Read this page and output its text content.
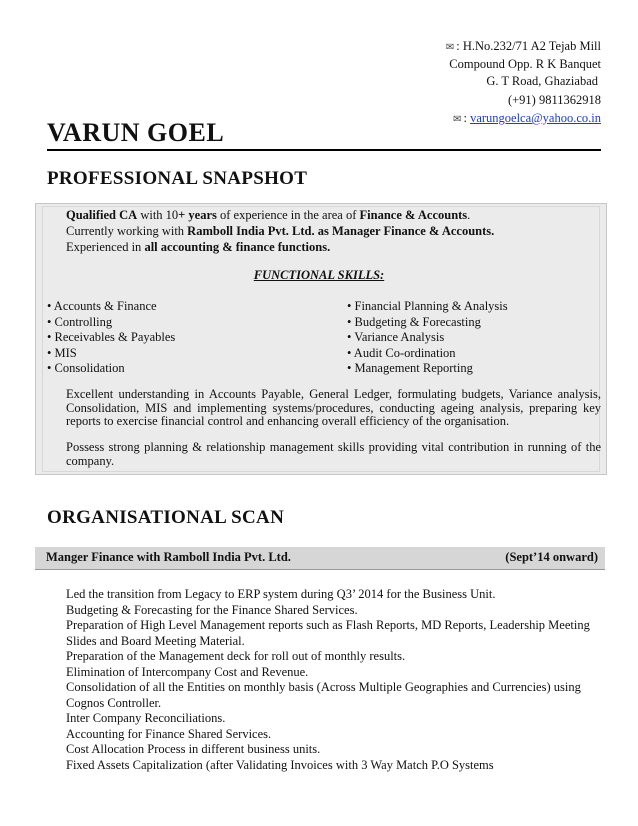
✉ : H.No.232/71 A2 Tejab Mill
Compound Opp. R K Banquet
G. T Road, Ghaziabad
(+91) 9811362918
✉ : varungoelca@yahoo.co.in
VARUN GOEL
PROFESSIONAL SNAPSHOT
Qualified CA with 10+ years of experience in the area of Finance & Accounts.
Currently working with Ramboll India Pvt. Ltd. as Manager Finance & Accounts.
Experienced in all accounting & finance functions.
FUNCTIONAL SKILLS:
• Accounts & Finance
• Controlling
• Receivables & Payables
• MIS
• Consolidation
• Financial Planning & Analysis
• Budgeting & Forecasting
• Variance Analysis
• Audit Co-ordination
• Management Reporting
Excellent understanding in Accounts Payable, General Ledger, formulating budgets, Variance analysis, Consolidation, MIS and implementing systems/procedures, conducting ageing analysis, preparing key reports to exercise financial control and enhancing overall efficiency of the organisation.
Possess strong planning & relationship management skills providing vital contribution in running of the company.
ORGANISATIONAL SCAN
Manger Finance with Ramboll India Pvt. Ltd.	(Sept’14 onward)
Led the transition from Legacy to ERP system during Q3’ 2014 for the Business Unit.
Budgeting & Forecasting for the Finance Shared Services.
Preparation of High Level Management reports such as Flash Reports, MD Reports, Leadership Meeting Slides and Board Meeting Material.
Preparation of the Management deck for roll out of monthly results.
Elimination of Intercompany Cost and Revenue.
Consolidation of all the Entities on monthly basis (Across Multiple Geographies and Currencies) using Cognos Controller.
Inter Company Reconciliations.
Accounting for Finance Shared Services.
Cost Allocation Process in different business units.
Fixed Assets Capitalization (after Validating Invoices with 3 Way Match P.O Systems
